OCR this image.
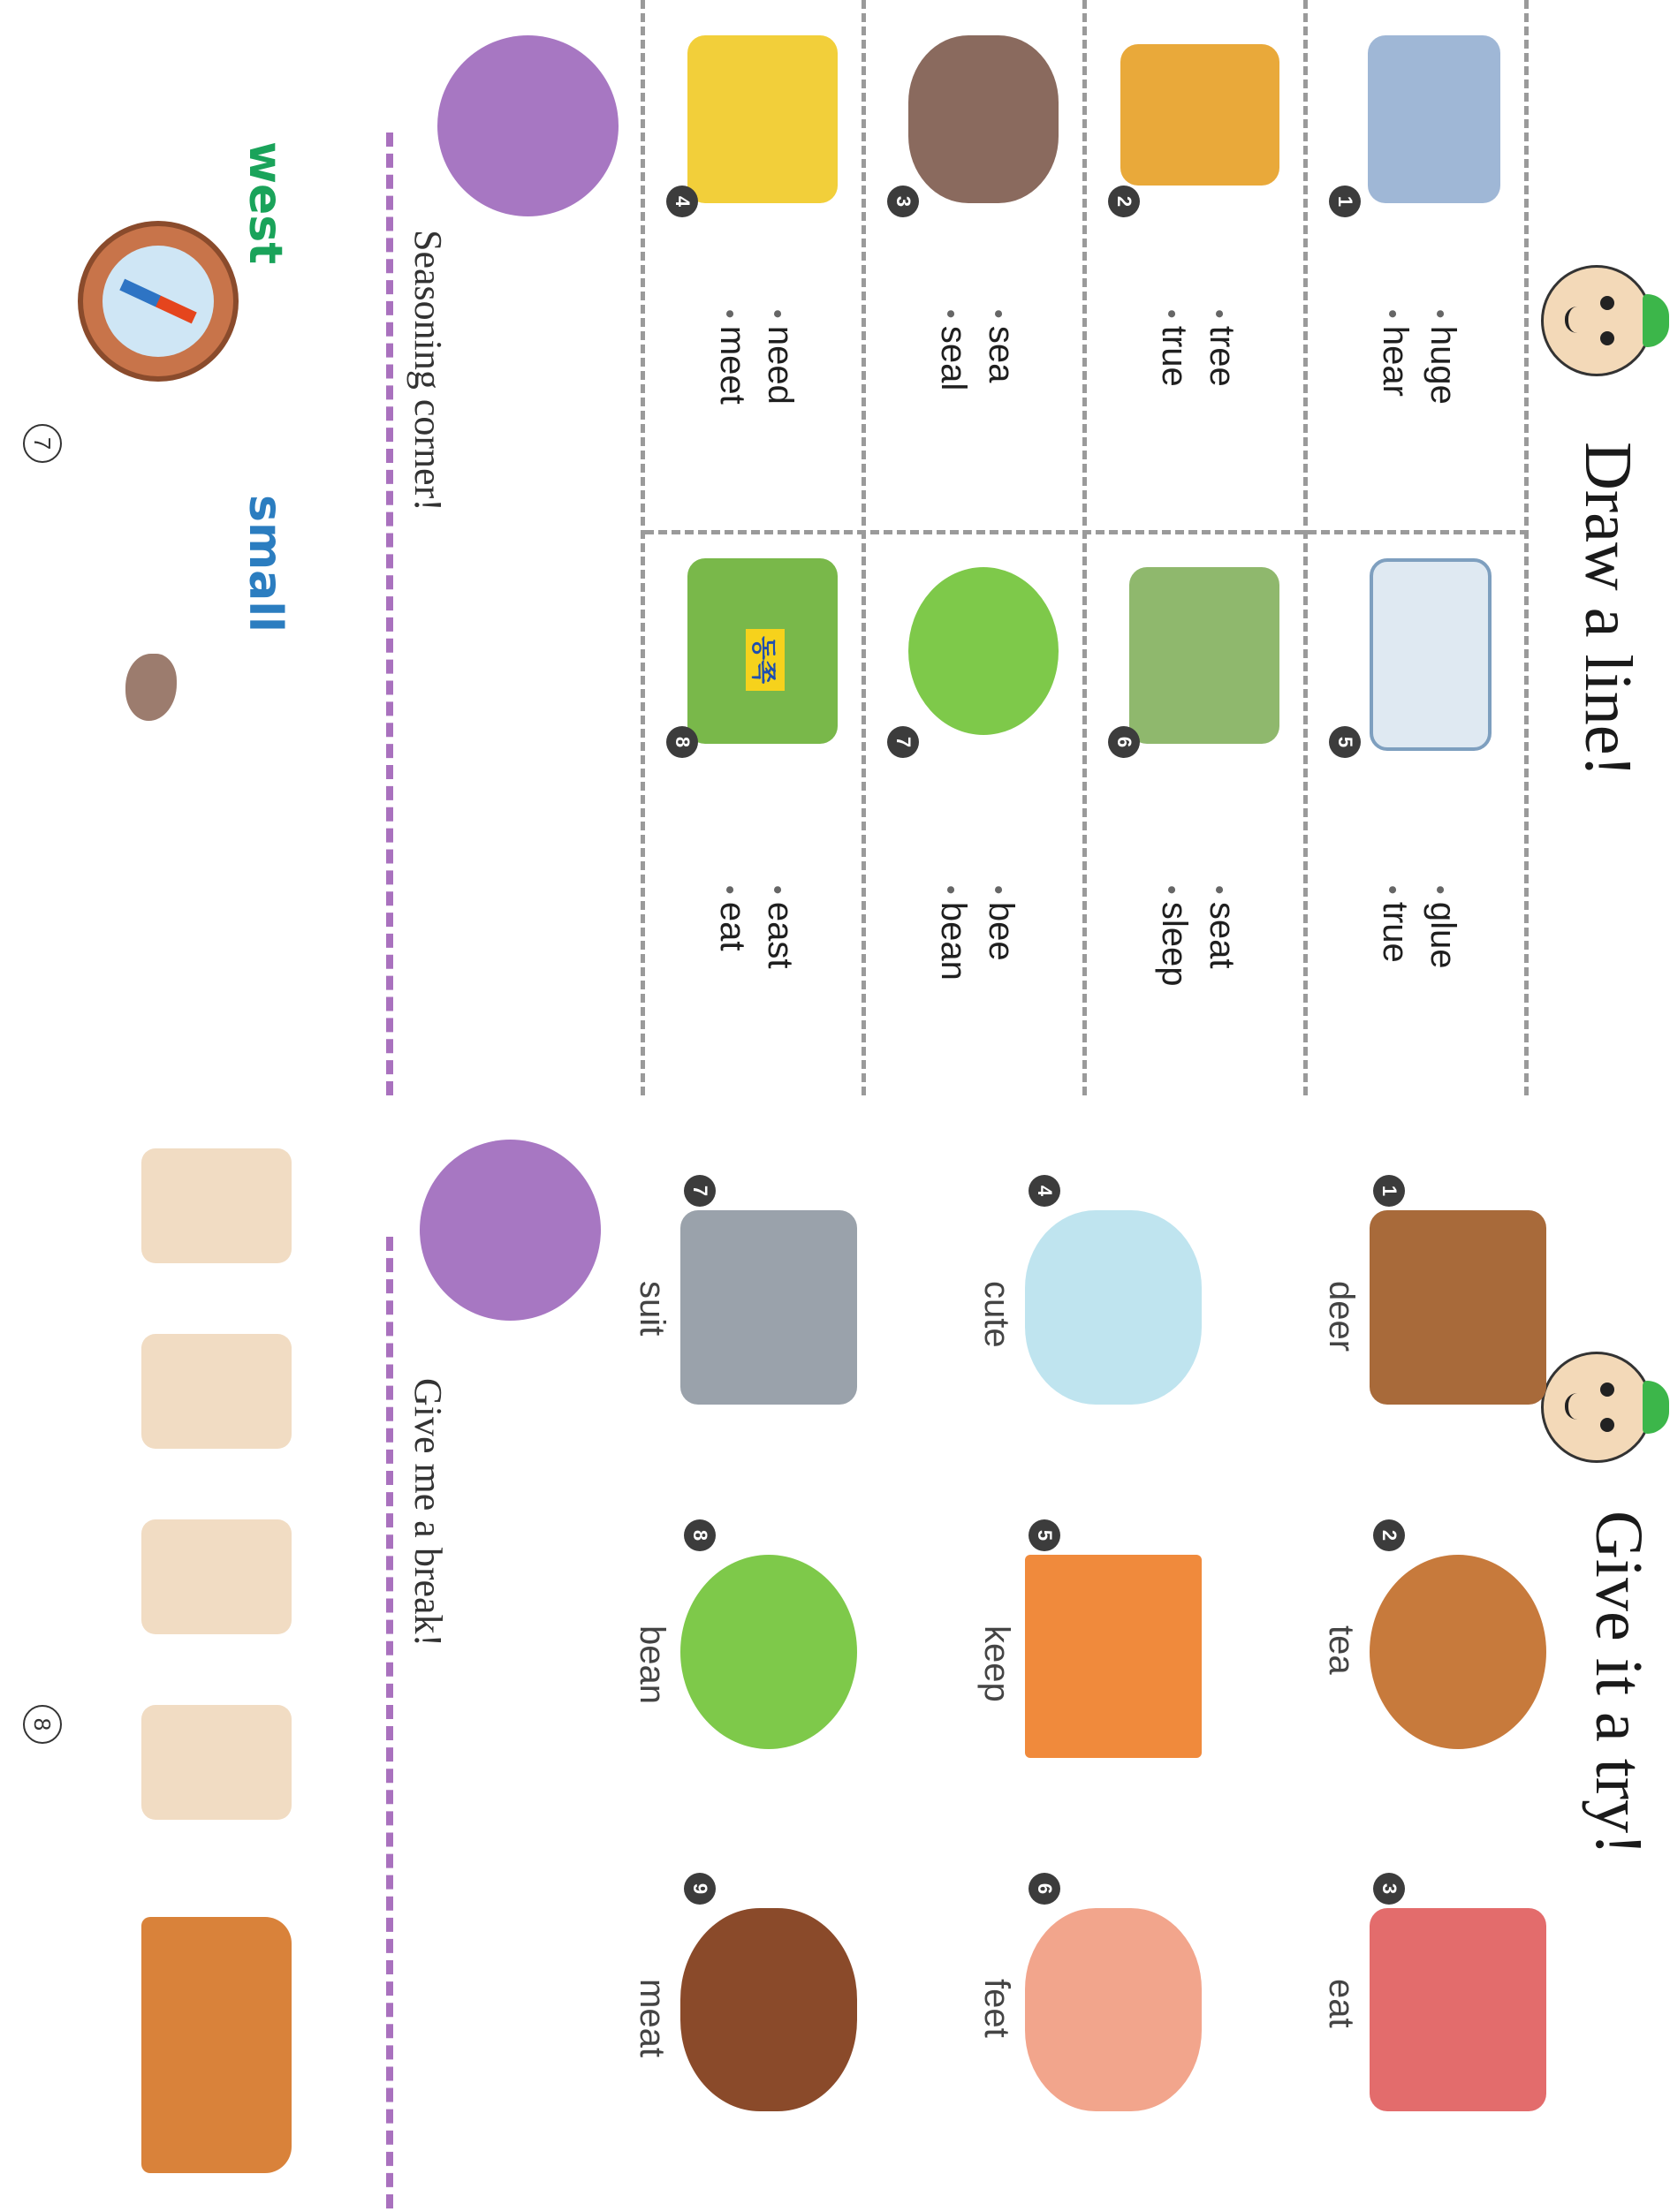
Draw a line!
1
• huge
• hear
5
• glue
• true
2
• tree
• true
6
• seat
• sleep
3
• sea
• seal
7
• bee
• bean
4
• need
• meet
동쪽
8
• east
• eat
Seasoning corner!
west
small
7
Give it a try!
1
deer
2
tea
3
eat
4
cute
5
keep
6
feet
7
suit
8
bean
9
meat
Give me a break!
8
